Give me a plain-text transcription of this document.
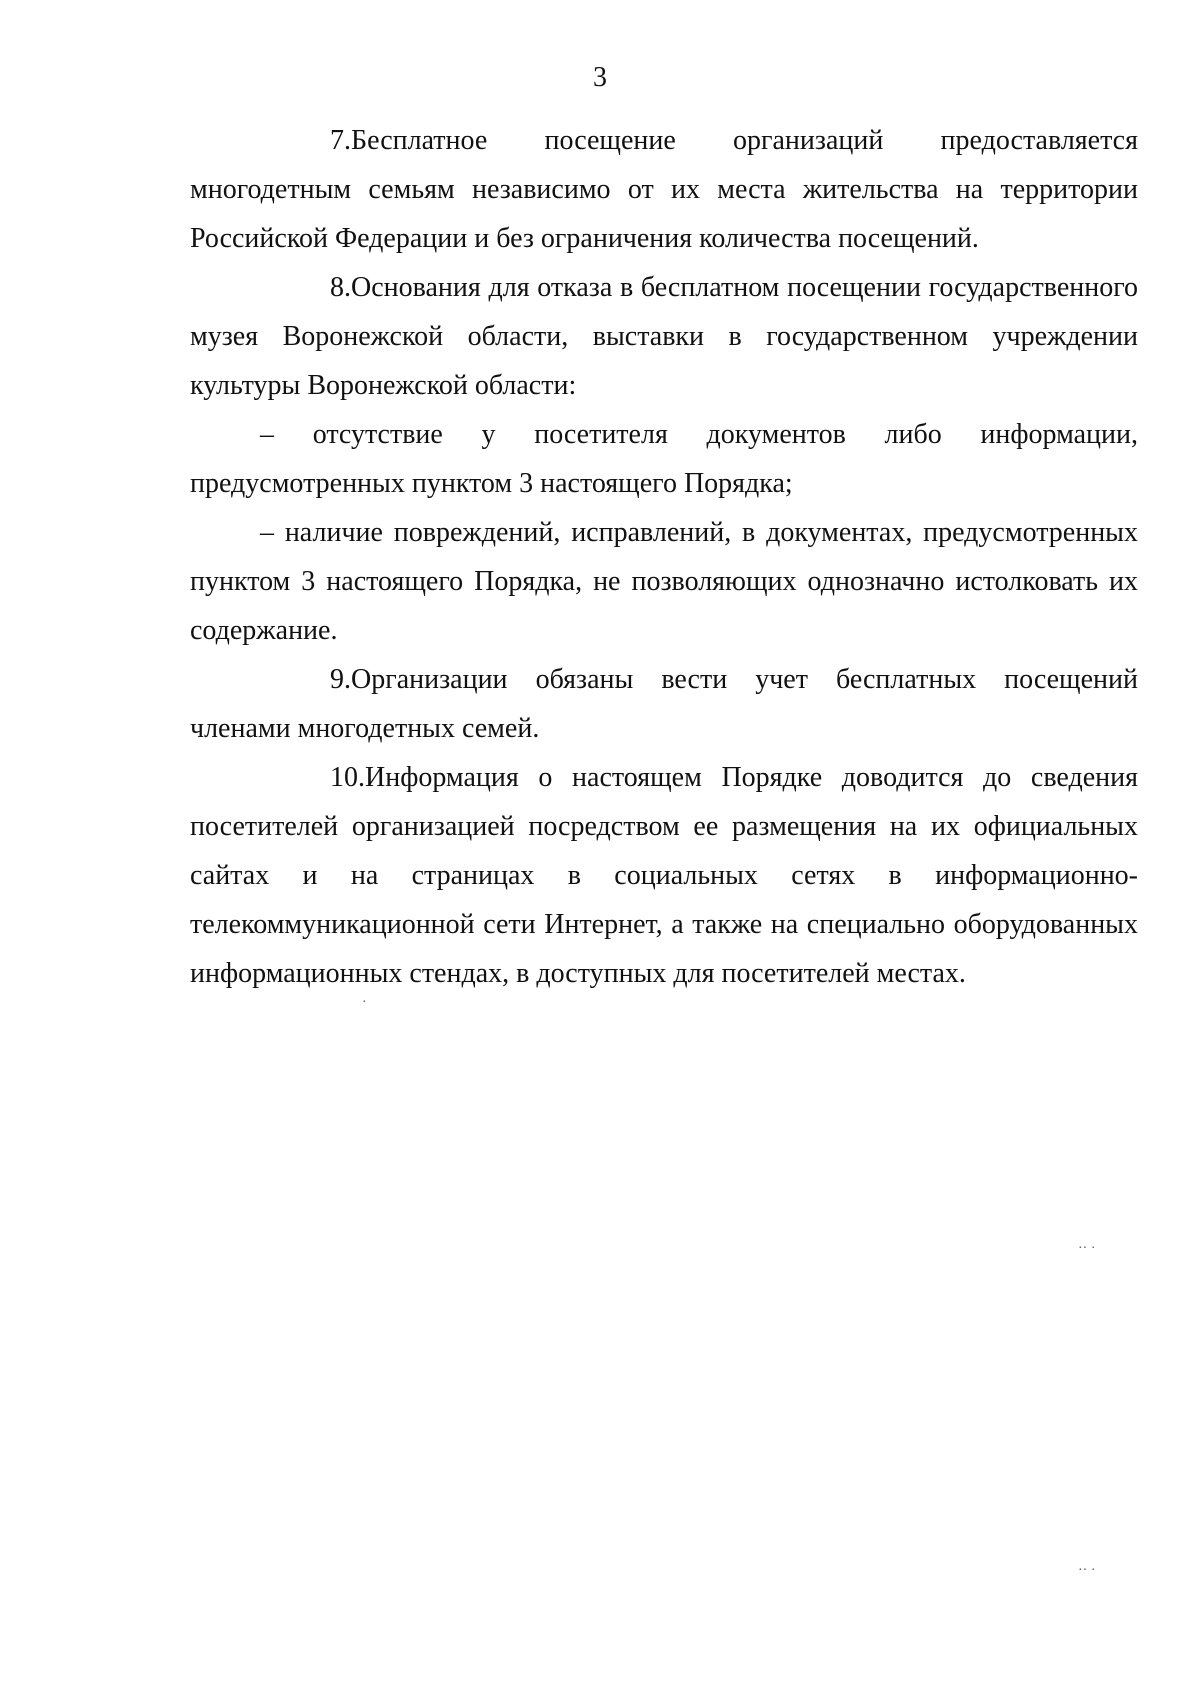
3

7.Бесплатное посещение организаций предоставляется многодетным семьям независимо от их места жительства на территории Российской Федерации и без ограничения количества посещений.

8.Основания для отказа в бесплатном посещении государственного музея Воронежской области, выставки в государственном учреждении культуры Воронежской области:

– отсутствие у посетителя документов либо информации, предусмотренных пунктом 3 настоящего Порядка;

– наличие повреждений, исправлений, в документах, предусмотренных пунктом 3 настоящего Порядка, не позволяющих однозначно истолковать их содержание.

9.Организации обязаны вести учет бесплатных посещений членами многодетных семей.

10.Информация о настоящем Порядке доводится до сведения посетителей организацией посредством ее размещения на их официальных сайтах и на страницах в социальных сетях в информационно-телекоммуникационной сети Интернет, а также на специально оборудованных информационных стендах, в доступных для посетителей местах.

·· ·
·· ·
·
